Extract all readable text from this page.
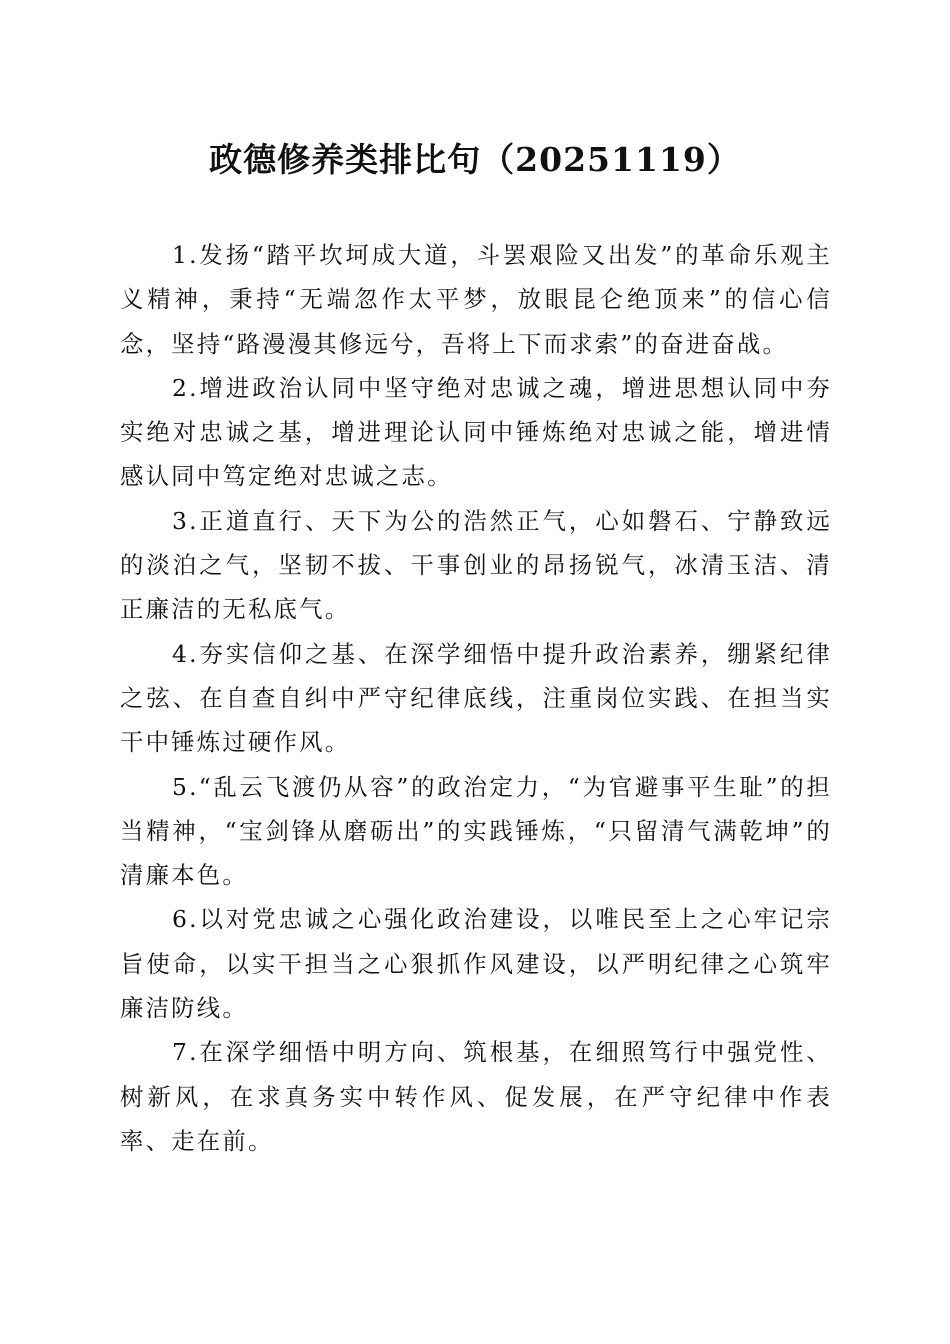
政德修养类排比句（20251119）

1.发扬“踏平坎坷成大道，斗罢艰险又出发”的革命乐观主义精神，秉持“无端忽作太平梦，放眼昆仑绝顶来”的信心信念，坚持“路漫漫其修远兮，吾将上下而求索”的奋进奋战。

2.增进政治认同中坚守绝对忠诚之魂，增进思想认同中夯实绝对忠诚之基，增进理论认同中锤炼绝对忠诚之能，增进情感认同中笃定绝对忠诚之志。

3.正道直行、天下为公的浩然正气，心如磐石、宁静致远的淡泊之气，坚韧不拔、干事创业的昂扬锐气，冰清玉洁、清正廉洁的无私底气。

4.夯实信仰之基、在深学细悟中提升政治素养，绷紧纪律之弦、在自查自纠中严守纪律底线，注重岗位实践、在担当实干中锤炼过硬作风。

5.“乱云飞渡仍从容”的政治定力，“为官避事平生耻”的担当精神，“宝剑锋从磨砺出”的实践锤炼，“只留清气满乾坤”的清廉本色。

6.以对党忠诚之心强化政治建设，以唯民至上之心牢记宗旨使命，以实干担当之心狠抓作风建设，以严明纪律之心筑牢廉洁防线。

7.在深学细悟中明方向、筑根基，在细照笃行中强党性、树新风，在求真务实中转作风、促发展，在严守纪律中作表率、走在前。
